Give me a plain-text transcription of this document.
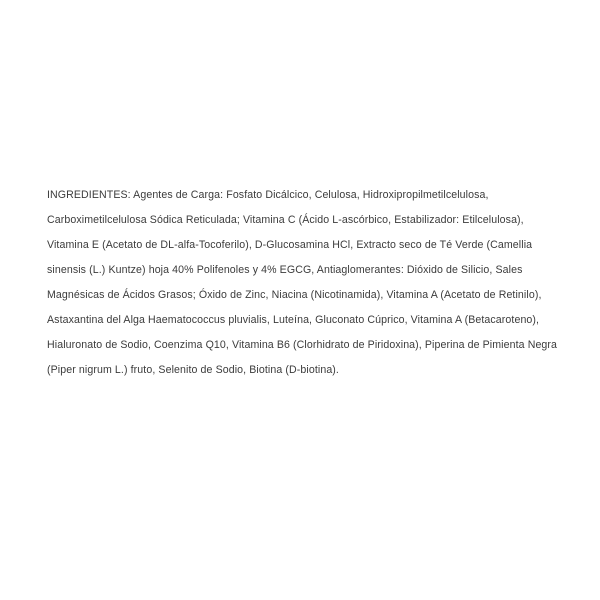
INGREDIENTES: Agentes de Carga: Fosfato Dicálcico, Celulosa, Hidroxipropilmetilcelulosa,
Carboximetilcelulosa Sódica Reticulada; Vitamina C (Ácido L-ascórbico, Estabilizador: Etilcelulosa),
Vitamina E (Acetato de DL-alfa-Tocoferilo), D-Glucosamina HCl, Extracto seco de Té Verde (Camellia
sinensis (L.) Kuntze) hoja 40% Polifenoles y 4% EGCG, Antiaglomerantes: Dióxido de Silicio, Sales
Magnésicas de Ácidos Grasos; Óxido de Zinc, Niacina (Nicotinamida), Vitamina A (Acetato de Retinilo),
Astaxantina del Alga Haematococcus pluvialis, Luteína, Gluconato Cúprico, Vitamina A (Betacaroteno),
Hialuronato de Sodio, Coenzima Q10, Vitamina B6 (Clorhidrato de Piridoxina), Piperina de Pimienta Negra
(Piper nigrum L.) fruto, Selenito de Sodio, Biotina (D-biotina).
